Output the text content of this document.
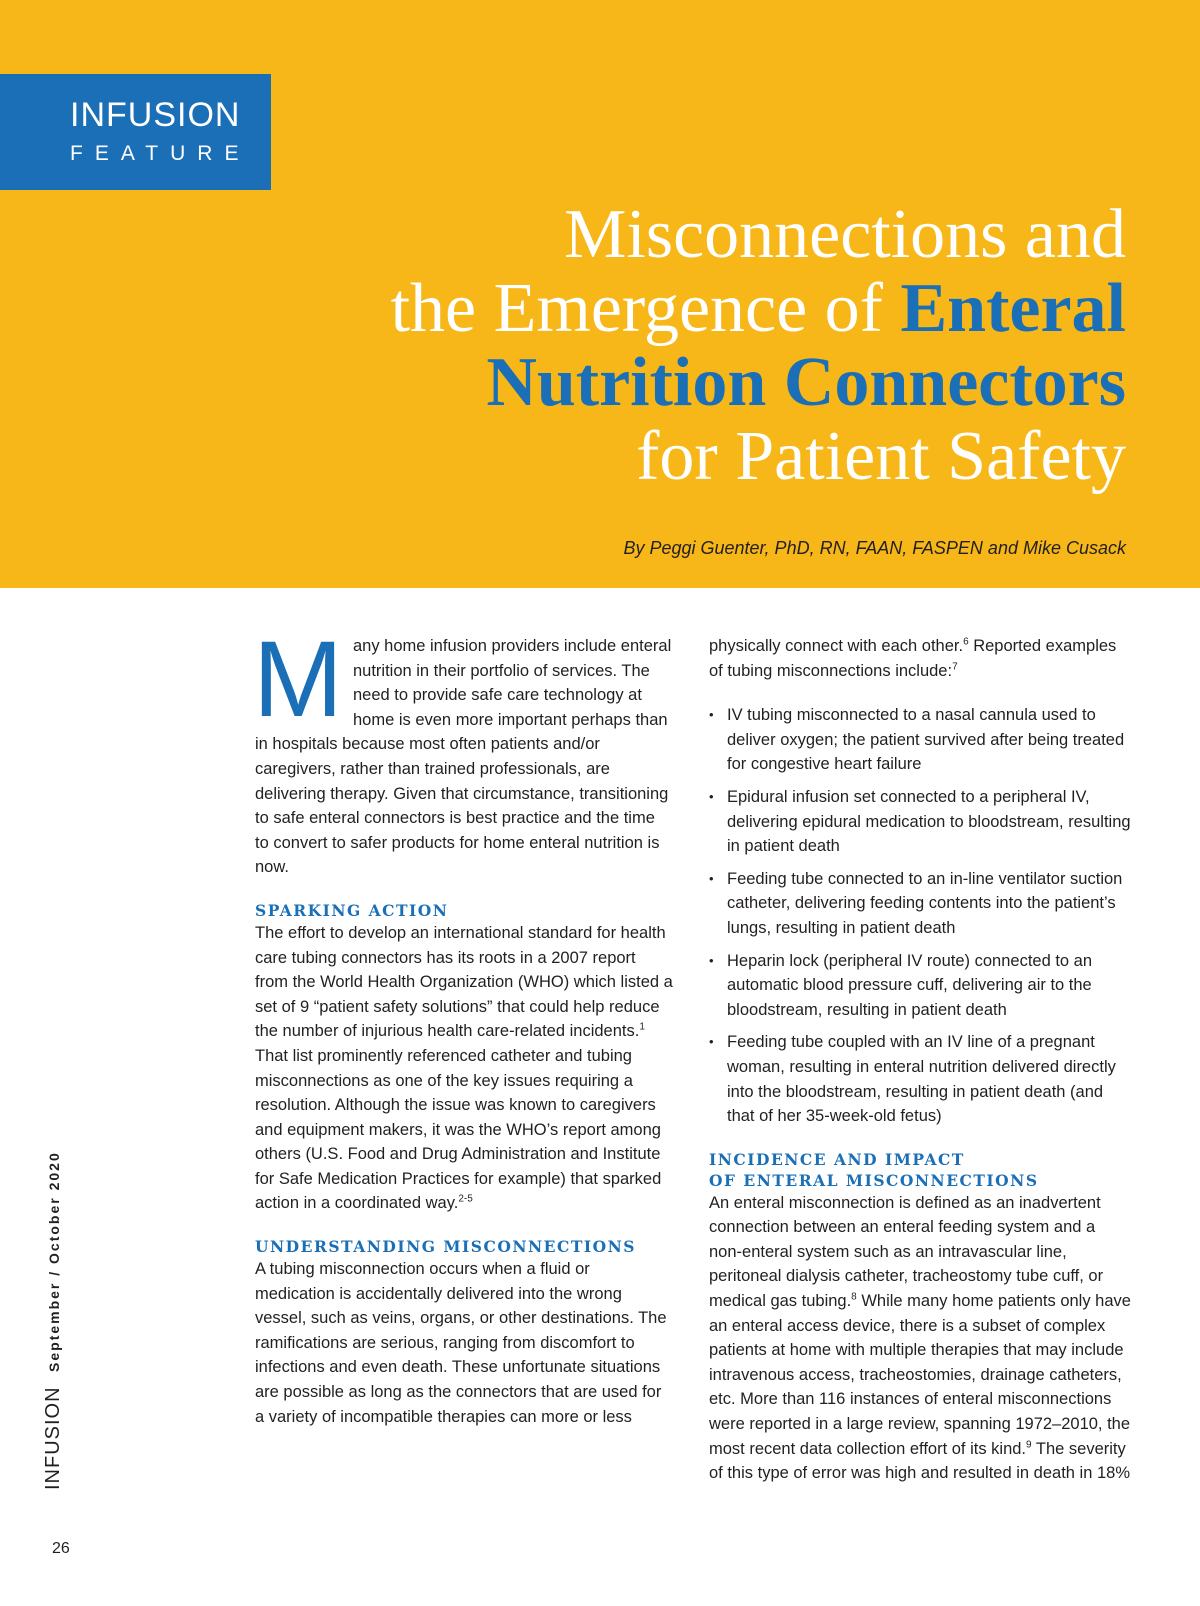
INFUSION
FEATURE
Misconnections and
the Emergence of Enteral
Nutrition Connectors
for Patient Safety
By Peggi Guenter, PhD, RN, FAAN, FASPEN and Mike Cusack

Many home infusion providers include enteral nutrition in their portfolio of services. The need to provide safe care technology at home is even more important perhaps than in hospitals because most often patients and/or caregivers, rather than trained professionals, are delivering therapy. Given that circumstance, transitioning to safe enteral connectors is best practice and the time to convert to safer products for home enteral nutrition is now.

SPARKING ACTION

The effort to develop an international standard for health care tubing connectors has its roots in a 2007 report from the World Health Organization (WHO) which listed a set of 9 “patient safety solutions” that could help reduce the number of injurious health care-related incidents.$^1$ That list prominently referenced catheter and tubing misconnections as one of the key issues requiring a resolution. Although the issue was known to caregivers and equipment makers, it was the WHO’s report among others (U.S. Food and Drug Administration and Institute for Safe Medication Practices for example) that sparked action in a coordinated way.$^{2-5}$

UNDERSTANDING MISCONNECTIONS

A tubing misconnection occurs when a fluid or medication is accidentally delivered into the wrong vessel, such as veins, organs, or other destinations. The ramifications are serious, ranging from discomfort to infections and even death. These unfortunate situations are possible as long as the connectors that are used for a variety of incompatible therapies can more or less

physically connect with each other.$^6$ Reported examples of tubing misconnections include:$^7$

• IV tubing misconnected to a nasal cannula used to deliver oxygen; the patient survived after being treated for congestive heart failure
• Epidural infusion set connected to a peripheral IV, delivering epidural medication to bloodstream, resulting in patient death
• Feeding tube connected to an in-line ventilator suction catheter, delivering feeding contents into the patient’s lungs, resulting in patient death
• Heparin lock (peripheral IV route) connected to an automatic blood pressure cuff, delivering air to the bloodstream, resulting in patient death
• Feeding tube coupled with an IV line of a pregnant woman, resulting in enteral nutrition delivered directly into the bloodstream, resulting in patient death (and that of her 35-week-old fetus)
INCIDENCE AND IMPACT
OF ENTERAL MISCONNECTIONS

An enteral misconnection is defined as an inadvertent connection between an enteral feeding system and a non-enteral system such as an intravascular line, peritoneal dialysis catheter, tracheostomy tube cuff, or medical gas tubing.$^8$ While many home patients only have an enteral access device, there is a subset of complex patients at home with multiple therapies that may include intravenous access, tracheostomies, drainage catheters, etc. More than 116 instances of enteral misconnections were reported in a large review, spanning 1972–2010, the most recent data collection effort of its kind.$^9$ The severity of this type of error was high and resulted in death in 18%

INFUSION September / October 2020
26
